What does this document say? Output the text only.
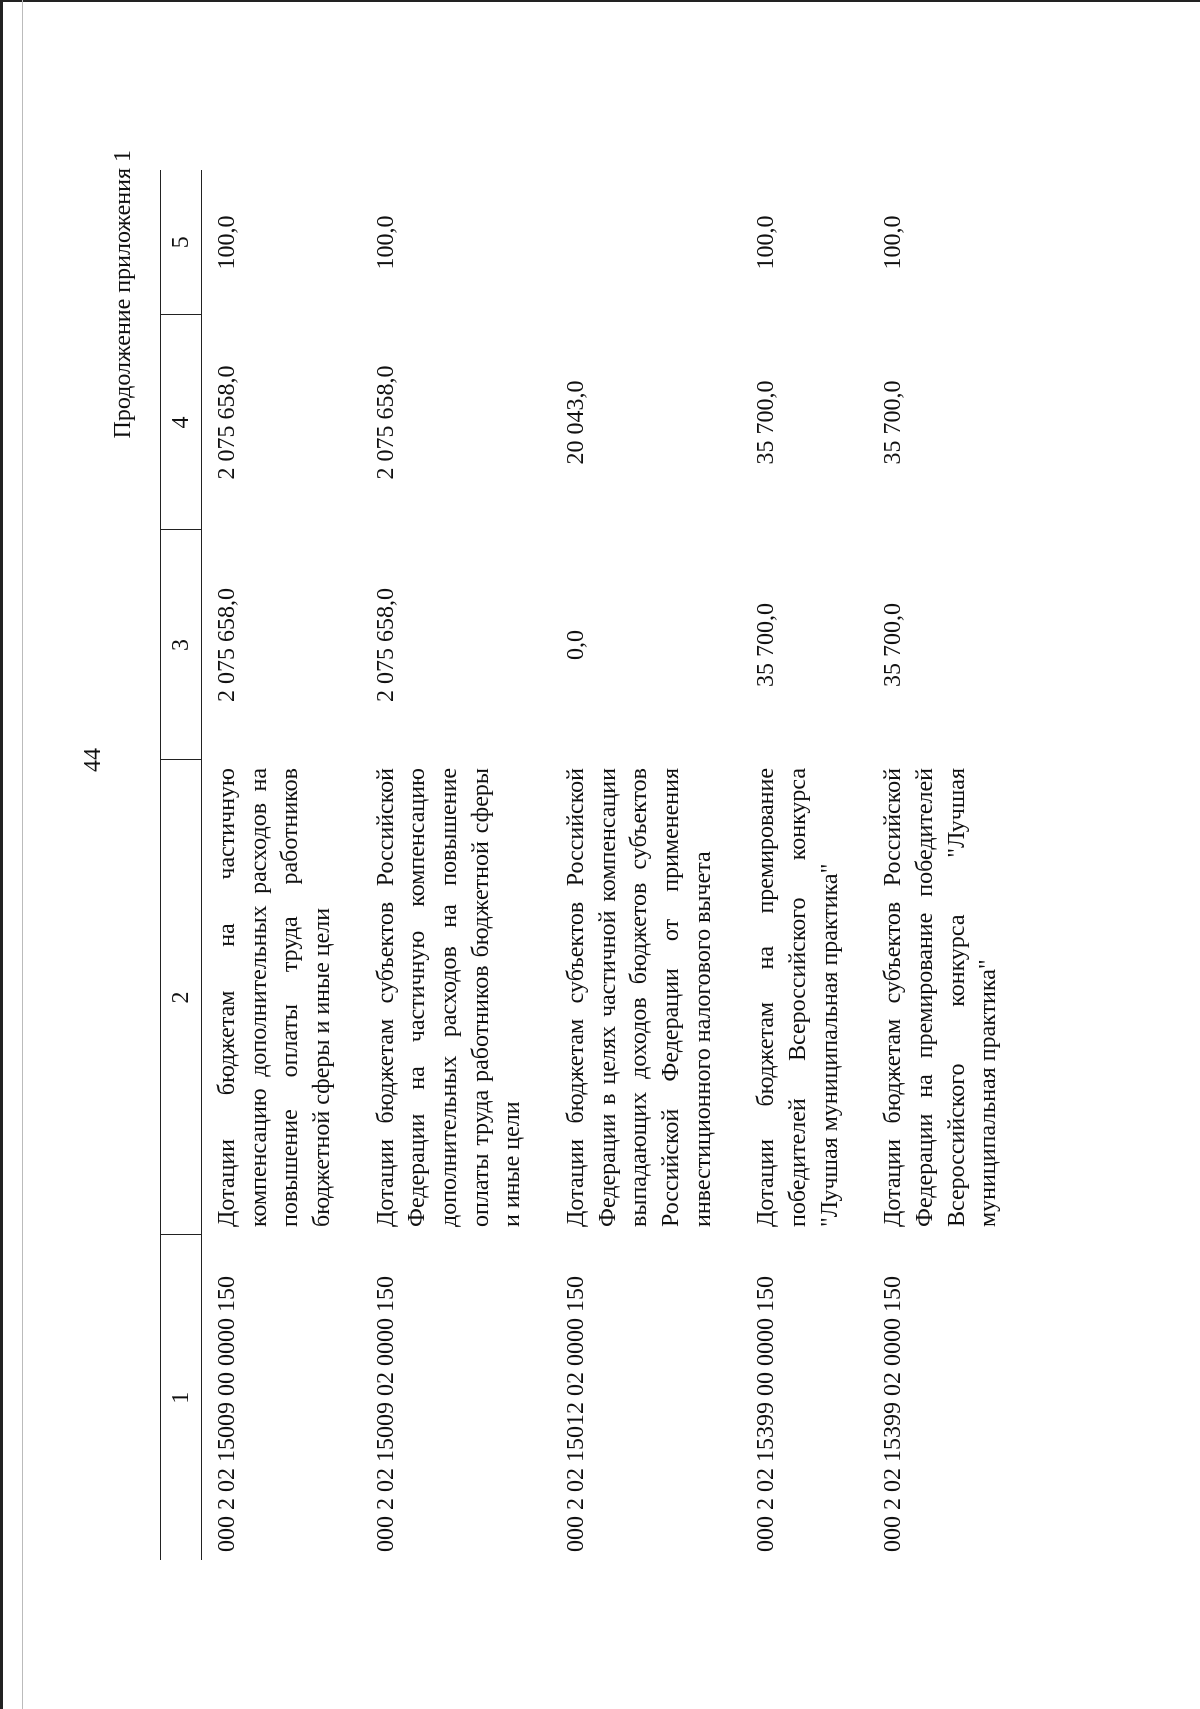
44
Продолжение приложения 1
1	2	3	4	5
000 2 02 15009 00 0000 150	Дотации бюджетам на частичную компенсацию дополнительных расходов на повышение оплаты труда работников бюджетной сферы и иные цели	2 075 658,0	2 075 658,0	100,0
000 2 02 15009 02 0000 150	Дотации бюджетам субъектов Российской Федерации на частичную компенсацию дополнительных расходов на повышение оплаты труда работников бюджетной сферы и иные цели	2 075 658,0	2 075 658,0	100,0
000 2 02 15012 02 0000 150	Дотации бюджетам субъектов Российской Федерации в целях частичной компенсации выпадающих доходов бюджетов субъектов Российской Федерации от применения инвестиционного налогового вычета	0,0	20 043,0	
000 2 02 15399 00 0000 150	Дотации бюджетам на премирование победителей Всероссийского конкурса "Лучшая муниципальная практика"	35 700,0	35 700,0	100,0
000 2 02 15399 02 0000 150	Дотации бюджетам субъектов Российской Федерации на премирование победителей Всероссийского конкурса "Лучшая муниципальная практика"	35 700,0	35 700,0	100,0
